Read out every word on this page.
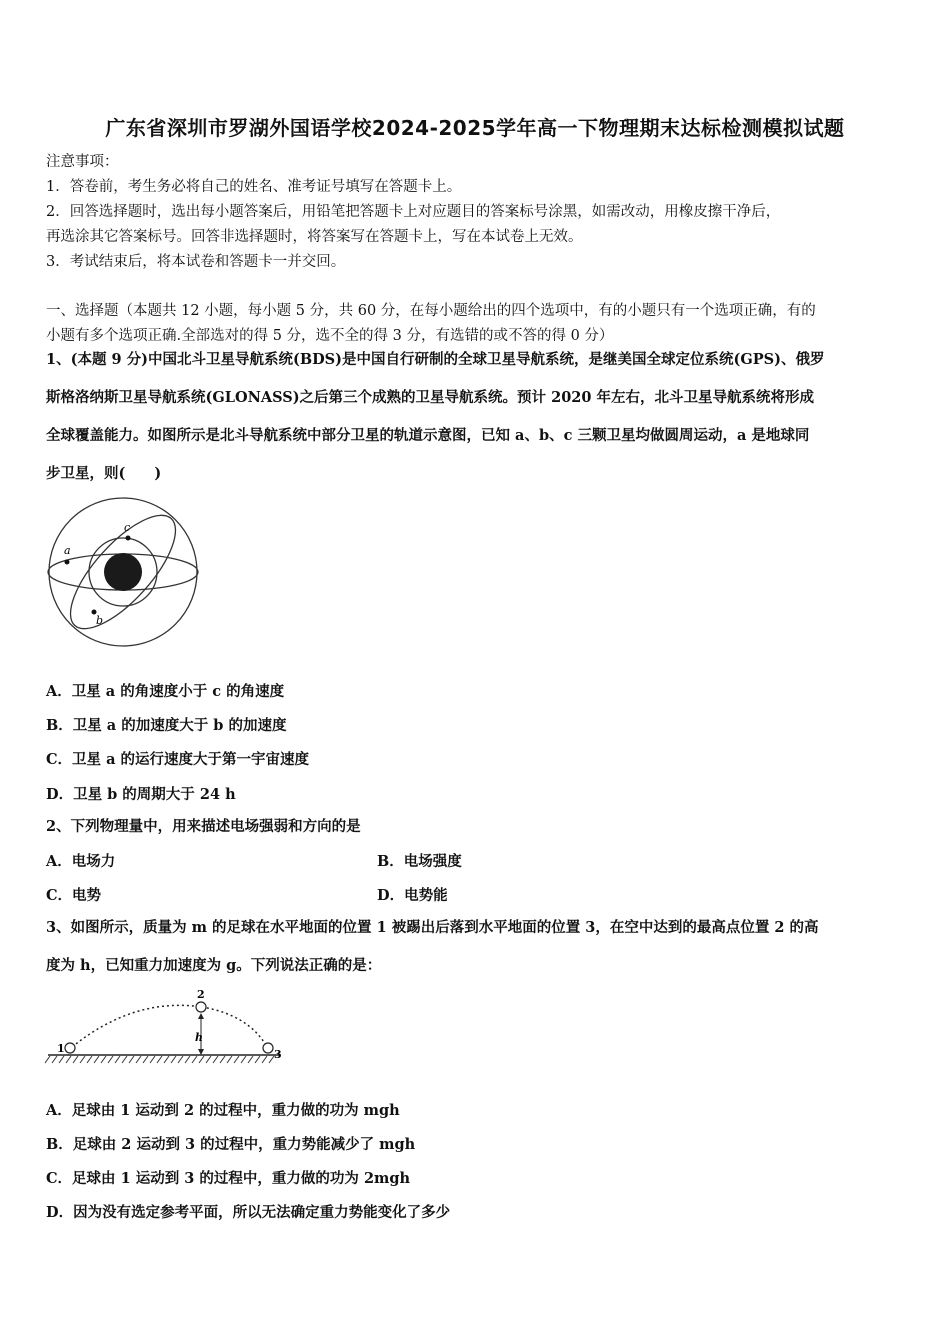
广东省深圳市罗湖外国语学校2024-2025学年高一下物理期末达标检测模拟试题
注意事项：
1．答卷前，考生务必将自己的姓名、准考证号填写在答题卡上。
2．回答选择题时，选出每小题答案后，用铅笔把答题卡上对应题目的答案标号涂黑，如需改动，用橡皮擦干净后，
再选涂其它答案标号。回答非选择题时，将答案写在答题卡上，写在本试卷上无效。
3．考试结束后，将本试卷和答题卡一并交回。
一、选择题（本题共 12 小题，每小题 5 分，共 60 分，在每小题给出的四个选项中，有的小题只有一个选项正确，有的
小题有多个选项正确.全部选对的得 5 分，选不全的得 3 分，有选错的或不答的得 0 分）
1、(本题 9 分)中国北斗卫星导航系统(BDS)是中国自行研制的全球卫星导航系统，是继美国全球定位系统(GPS)、俄罗
斯格洛纳斯卫星导航系统(GLONASS)之后第三个成熟的卫星导航系统。预计 2020 年左右，北斗卫星导航系统将形成
全球覆盖能力。如图所示是北斗导航系统中部分卫星的轨道示意图，已知 a、b、c 三颗卫星均做圆周运动，a 是地球同
步卫星，则(　　)
a
b
c
A．卫星 a 的角速度小于 c 的角速度
B．卫星 a 的加速度大于 b 的加速度
C．卫星 a 的运行速度大于第一宇宙速度
D．卫星 b 的周期大于 24 h
2、下列物理量中，用来描述电场强弱和方向的是
A．电场力	B．电场强度
C．电势	D．电势能
3、如图所示，质量为 m 的足球在水平地面的位置 1 被踢出后落到水平地面的位置 3，在空中达到的最高点位置 2 的高
度为 h，已知重力加速度为 g。下列说法正确的是：
1
2
3
h
A．足球由 1 运动到 2 的过程中，重力做的功为 mgh
B．足球由 2 运动到 3 的过程中，重力势能减少了 mgh
C．足球由 1 运动到 3 的过程中，重力做的功为 2mgh
D．因为没有选定参考平面，所以无法确定重力势能变化了多少
